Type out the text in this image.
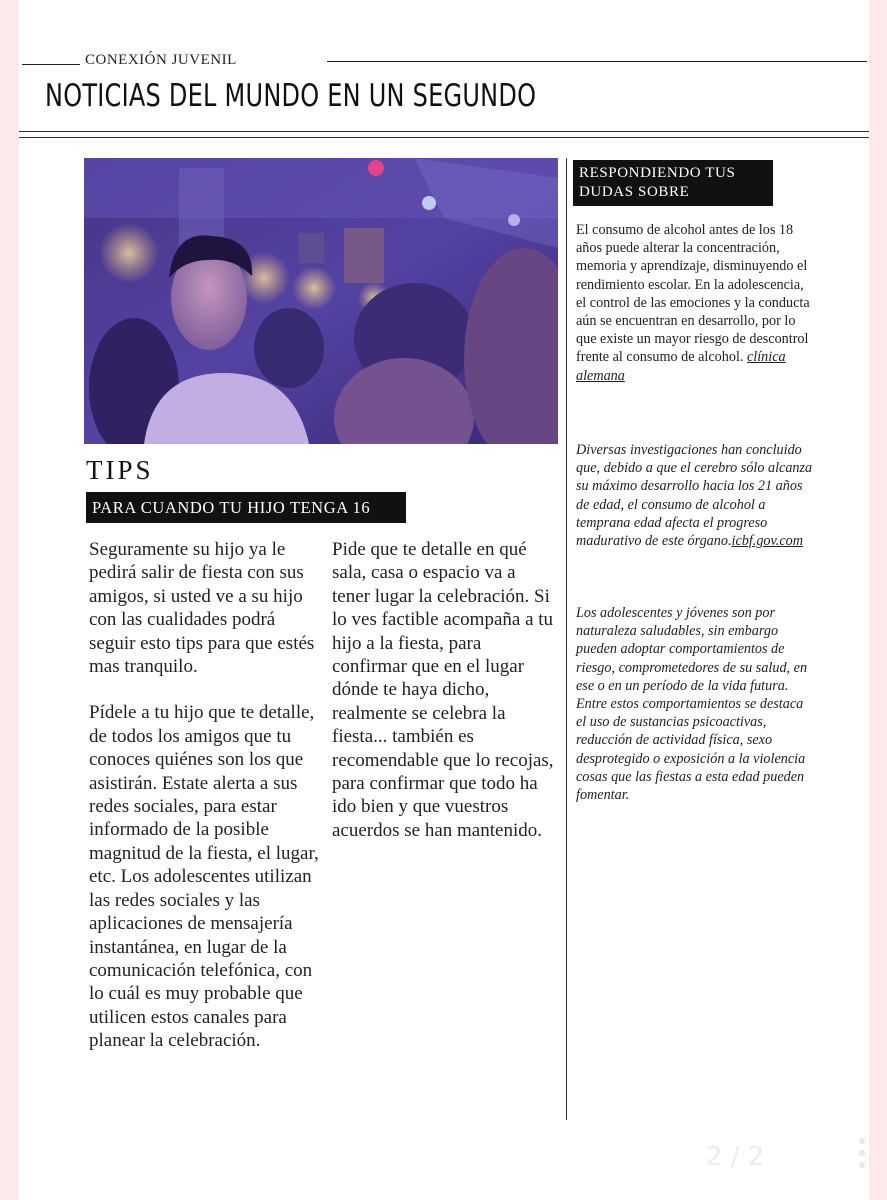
CONEXIÓN JUVENIL
NOTICIAS DEL MUNDO EN UN SEGUNDO
TIPS
PARA CUANDO TU HIJO TENGA 16

Seguramente su hijo ya le pedirá salir de fiesta con sus amigos, si usted ve a su hijo con las cualidades podrá seguir esto tips para que estés mas tranquilo.

Pídele a tu hijo que te detalle, de todos los amigos que tu conoces quiénes son los que asistirán. Estate alerta a sus redes sociales, para estar informado de la posible magnitud de la fiesta, el lugar, etc. Los adolescentes utilizan las redes sociales y las aplicaciones de mensajería instantánea, en lugar de la comunicación telefónica, con lo cuál es muy probable que utilicen estos canales para planear la celebración.

Pide que te detalle en qué sala, casa o espacio va a tener lugar la celebración. Si lo ves factible acompaña a tu hijo a la fiesta, para confirmar que en el lugar dónde te haya dicho, realmente se celebra la fiesta... también es recomendable que lo recojas, para confirmar que todo ha ido bien y que vuestros acuerdos se han mantenido.

RESPONDIENDO TUS
DUDAS SOBRE

El consumo de alcohol antes de los 18 años puede alterar la concentración, memoria y aprendizaje, disminuyendo el rendimiento escolar. En la adolescencia, el control de las emociones y la conducta aún se encuentran en desarrollo, por lo que existe un mayor riesgo de descontrol frente al consumo de alcohol. clínica alemana

Diversas investigaciones han concluido que, debido a que el cerebro sólo alcanza su máximo desarrollo hacia los 21 años de edad, el consumo de alcohol a temprana edad afecta el progreso madurativo de este órgano.icbf.gov.com

Los adolescentes y jóvenes son por naturaleza saludables, sin embargo pueden adoptar comportamientos de riesgo, comprometedores de su salud, en ese o en un período de la vida futura. Entre estos comportamientos se destaca el uso de sustancias psicoactivas, reducción de actividad física, sexo desprotegido o exposición a la violencia cosas que las fiestas a esta edad pueden fomentar.

2 / 2
